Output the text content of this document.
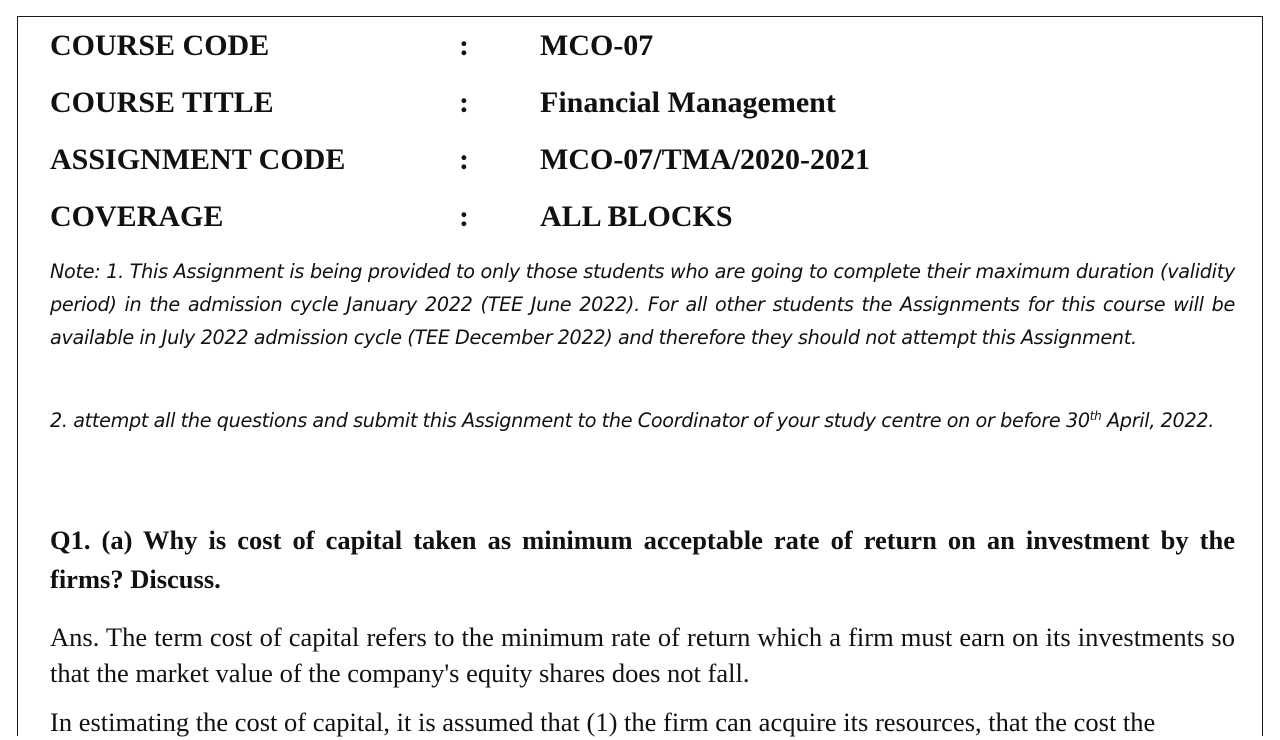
COURSE CODE	: MCO-07
COURSE TITLE	: Financial Management
ASSIGNMENT CODE	: MCO-07/TMA/2020-2021
COVERAGE	: ALL BLOCKS
Note: 1. This Assignment is being provided to only those students who are going to complete their maximum duration (validity period) in the admission cycle January 2022 (TEE June 2022). For all other students the Assignments for this course will be available in July 2022 admission cycle (TEE December 2022) and therefore they should not attempt this Assignment.
2. attempt all the questions and submit this Assignment to the Coordinator of your study centre on or before 30th April, 2022.
Q1. (a) Why is cost of capital taken as minimum acceptable rate of return on an investment by the firms? Discuss.
Ans. The term cost of capital refers to the minimum rate of return which a firm must earn on its investments so that the market value of the company's equity shares does not fall.
In estimating the cost of capital, it is assumed that (1) the firm can acquire its resources, that the cost the
